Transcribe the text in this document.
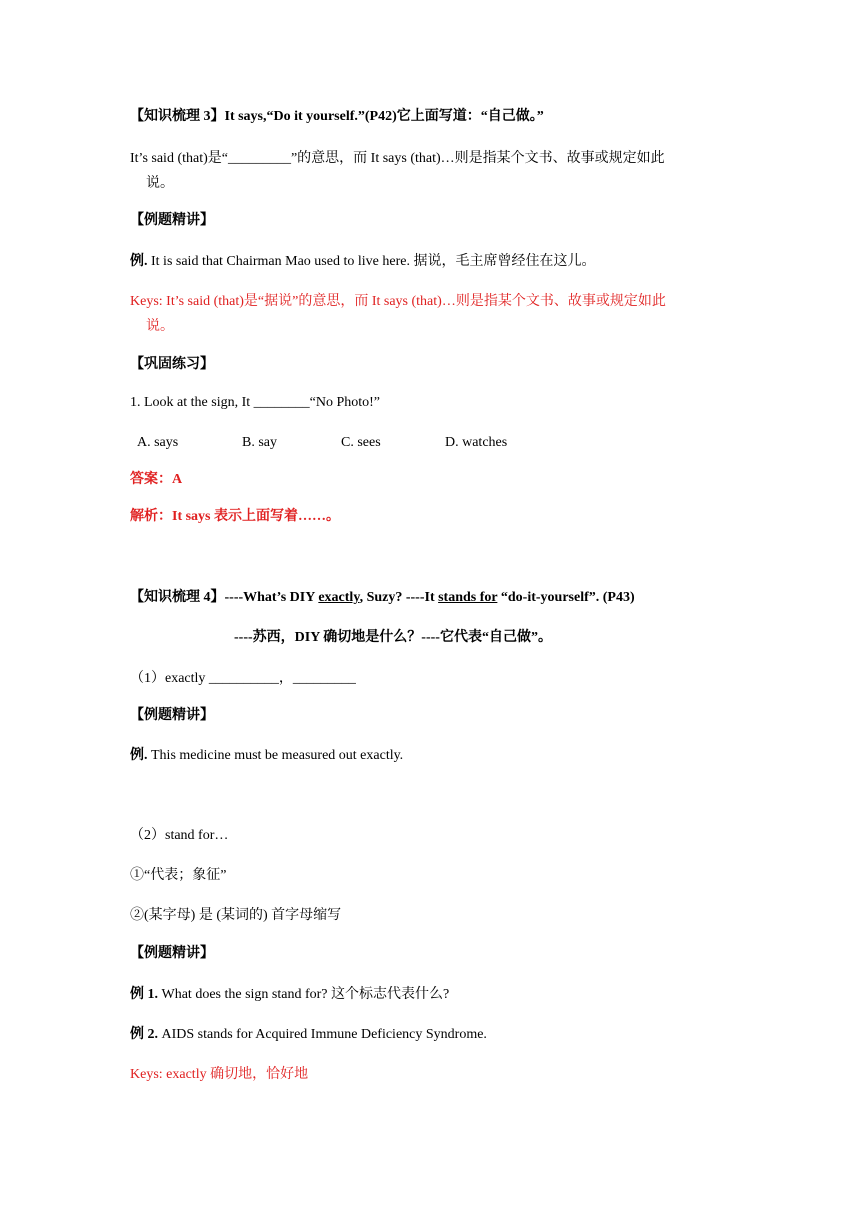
【知识梳理 3】It says,“Do it yourself.”(P42)它上面写道：“自己做。”
It’s said (that)是“_________”的意思，而 It says (that)…则是指某个文书、故事或规定如此
说。
【例题精讲】
例. It is said that Chairman Mao used to live here. 据说，毛主席曾经住在这儿。
Keys: It’s said (that)是“据说”的意思，而 It says (that)…则是指某个文书、故事或规定如此
说。
【巩固练习】
1. Look at the sign, It ________“No Photo!”
A. says	B. say	C. sees	D. watches
答案：A
解析：It says 表示上面写着……。
【知识梳理 4】----What’s DIY exactly, Suzy? ----It stands for “do-it-yourself”. (P43)
----苏西，DIY 确切地是什么？----它代表“自己做”。
（1）exactly __________，_________
【例题精讲】
例. This medicine must be measured out exactly.
（2）stand for…
①“代表；象征”
②(某字母) 是 (某词的) 首字母缩写
【例题精讲】
例 1. What does the sign stand for? 这个标志代表什么?
例 2. AIDS stands for Acquired Immune Deficiency Syndrome.
Keys: exactly 确切地，恰好地
